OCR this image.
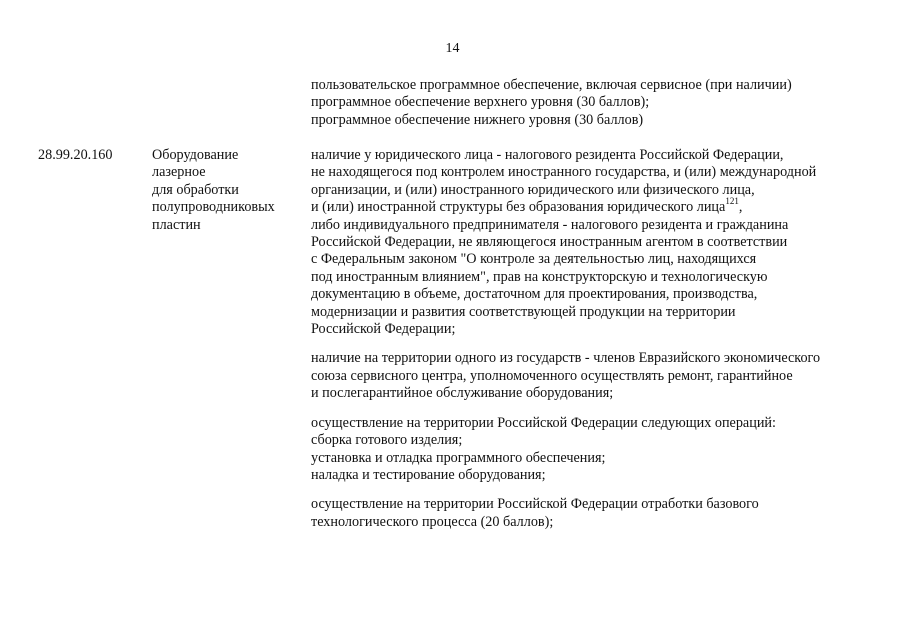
14
пользовательское программное обеспечение, включая сервисное (при наличии)
программное обеспечение верхнего уровня (30 баллов);
программное обеспечение нижнего уровня (30 баллов)
28.99.20.160	Оборудование
лазерное
для обработки
полупроводниковых
пластин
наличие у юридического лица - налогового резидента Российской Федерации,
не находящегося под контролем иностранного государства, и (или) международной
организации, и (или) иностранного юридического или физического лица,
и (или) иностранной структуры без образования юридического лица$^{121}$,
либо индивидуального предпринимателя - налогового резидента и гражданина
Российской Федерации, не являющегося иностранным агентом в соответствии
с Федеральным законом "О контроле за деятельностью лиц, находящихся
под иностранным влиянием", прав на конструкторскую и технологическую
документацию в объеме, достаточном для проектирования, производства,
модернизации и развития соответствующей продукции на территории
Российской Федерации;
наличие на территории одного из государств - членов Евразийского экономического
союза сервисного центра, уполномоченного осуществлять ремонт, гарантийное
и послегарантийное обслуживание оборудования;
осуществление на территории Российской Федерации следующих операций:
сборка готового изделия;
установка и отладка программного обеспечения;
наладка и тестирование оборудования;
осуществление на территории Российской Федерации отработки базового
технологического процесса (20 баллов);
